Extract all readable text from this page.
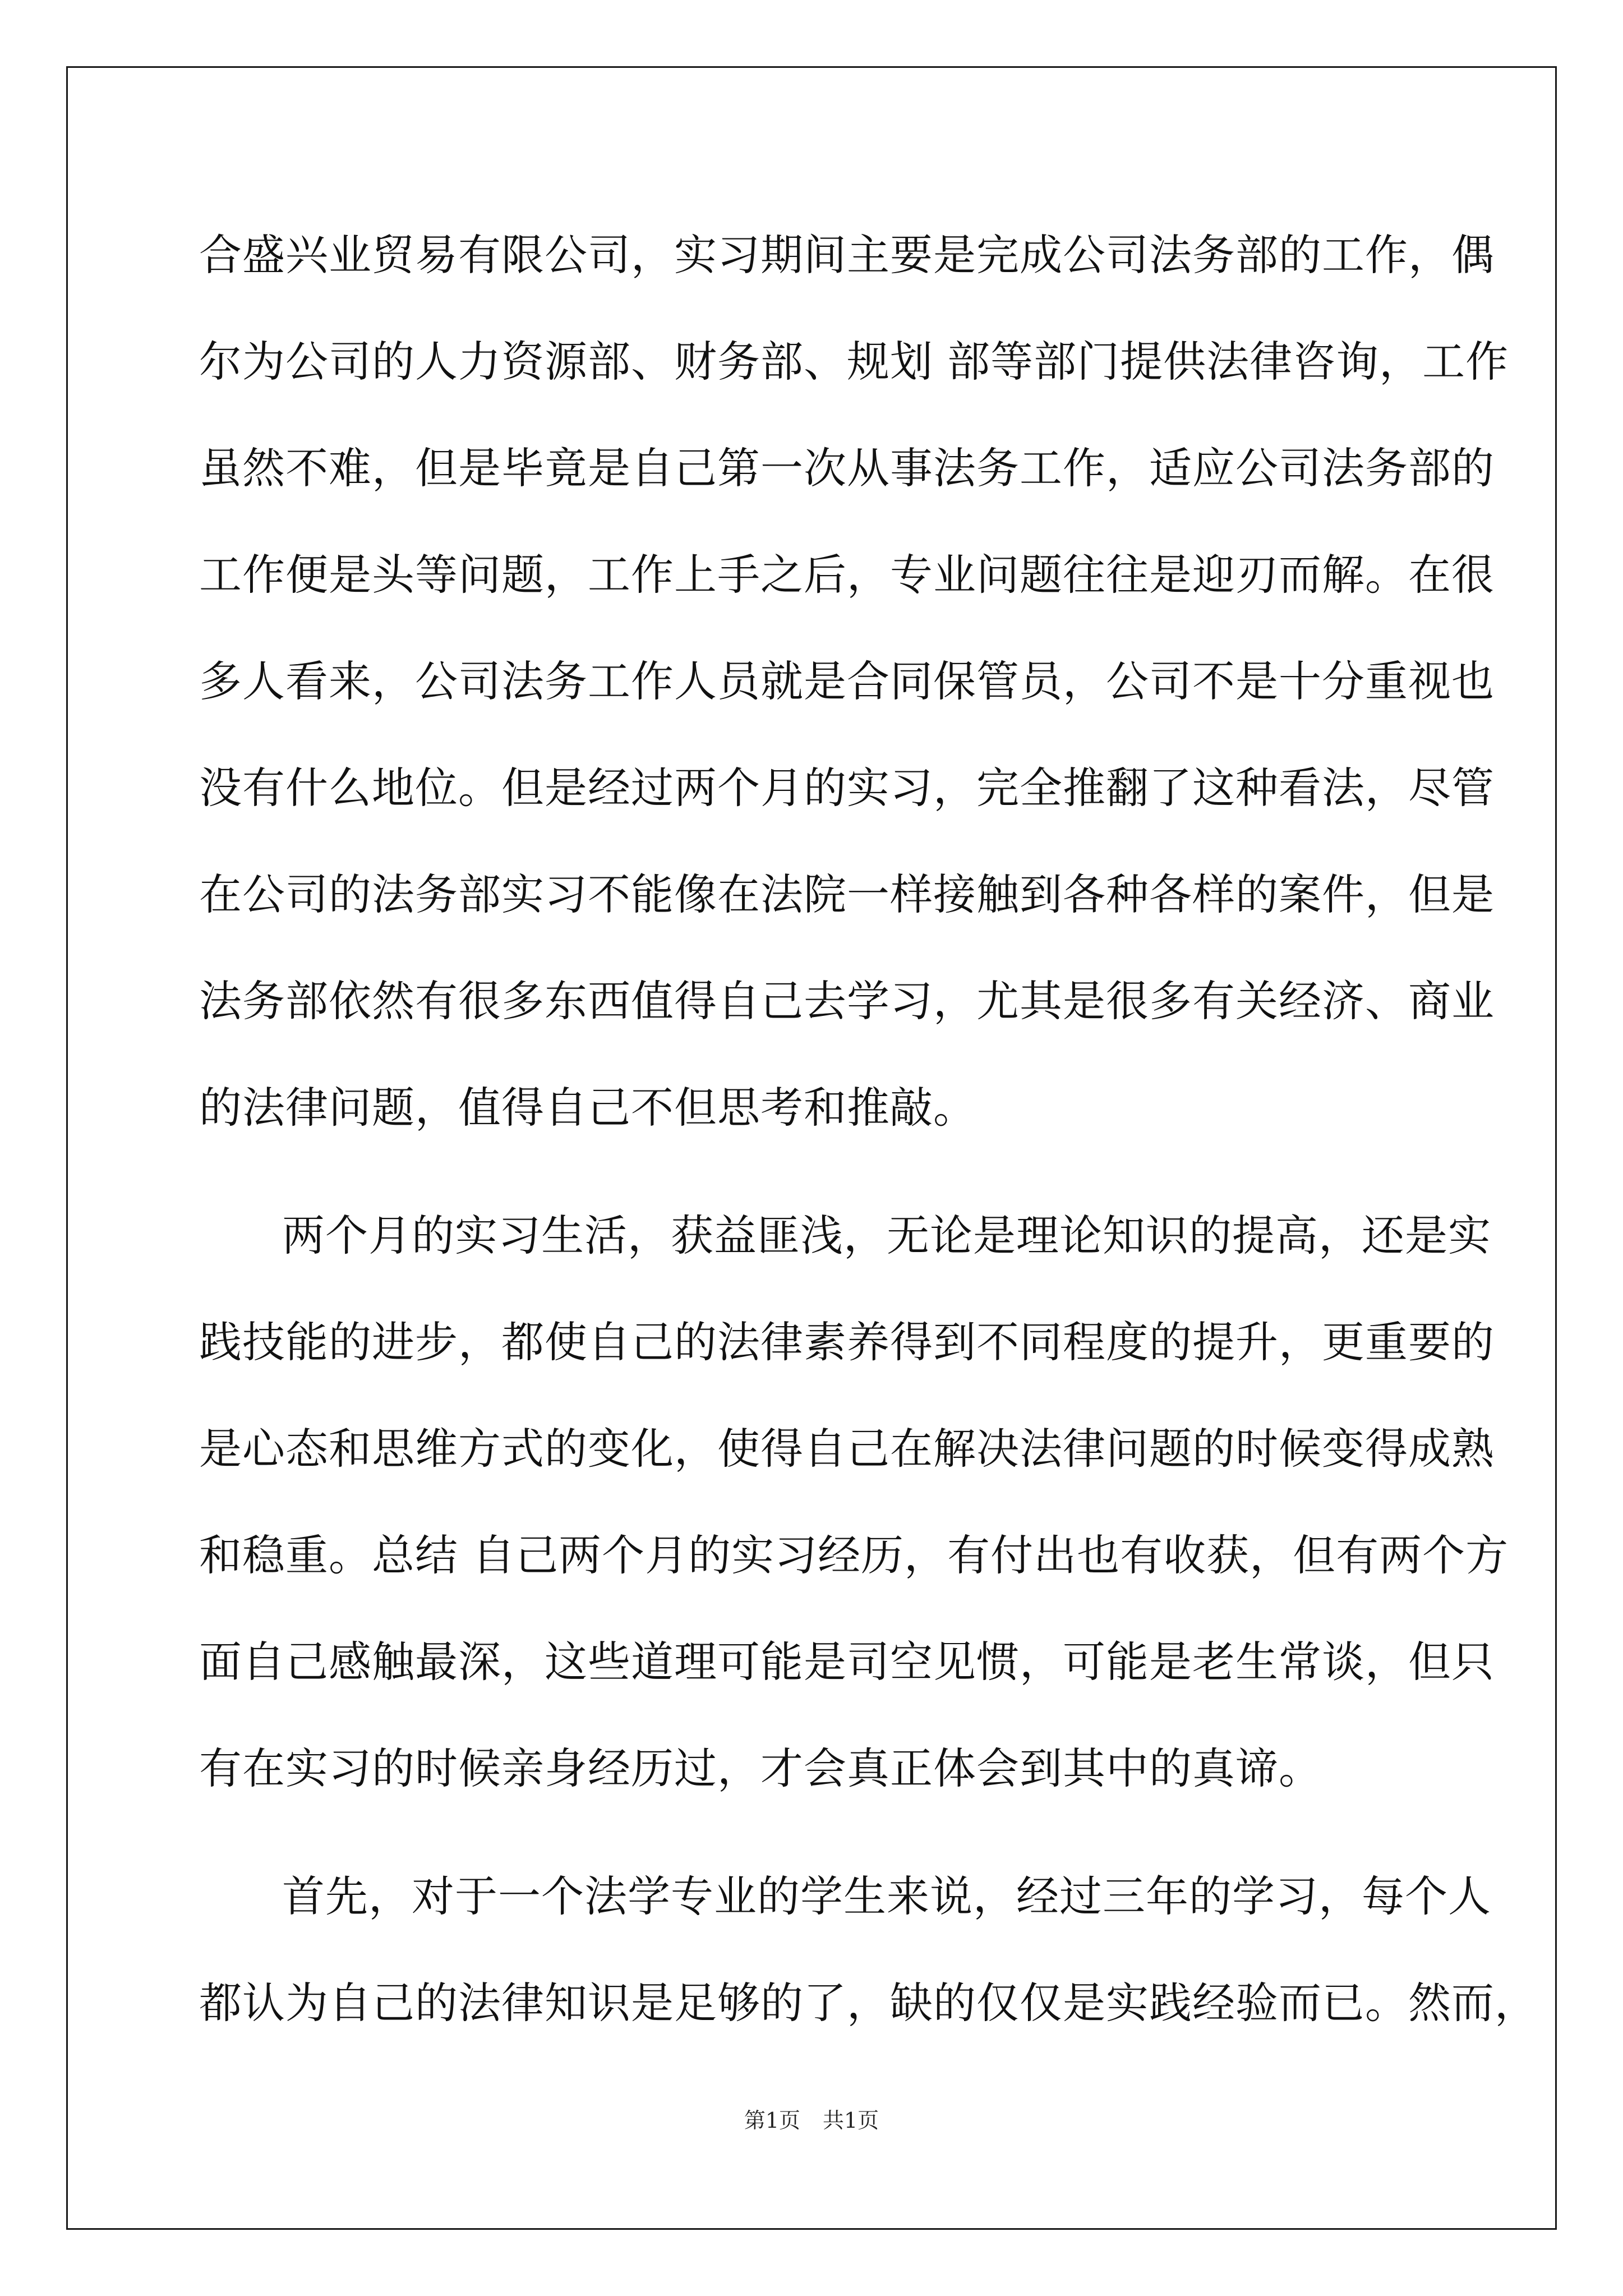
合盛兴业贸易有限公司，实习期间主要是完成公司法务部的工作，偶
尔为公司的人力资源部、财务部、规划 部等部门提供法律咨询，工作
虽然不难，但是毕竟是自己第一次从事法务工作，适应公司法务部的
工作便是头等问题，工作上手之后，专业问题往往是迎刃而解。在很
多人看来，公司法务工作人员就是合同保管员，公司不是十分重视也
没有什么地位。但是经过两个月的实习，完全推翻了这种看法，尽管
在公司的法务部实习不能像在法院一样接触到各种各样的案件，但是
法务部依然有很多东西值得自己去学习，尤其是很多有关经济、商业
的法律问题，值得自己不但思考和推敲。
两个月的实习生活，获益匪浅，无论是理论知识的提高，还是实
践技能的进步，都使自己的法律素养得到不同程度的提升，更重要的
是心态和思维方式的变化，使得自己在解决法律问题的时候变得成熟
和稳重。总结 自己两个月的实习经历，有付出也有收获，但有两个方
面自己感触最深，这些道理可能是司空见惯，可能是老生常谈，但只
有在实习的时候亲身经历过，才会真正体会到其中的真谛。
首先，对于一个法学专业的学生来说，经过三年的学习，每个人
都认为自己的法律知识是足够的了，缺的仅仅是实践经验而已。然而，
第1页 共1页
